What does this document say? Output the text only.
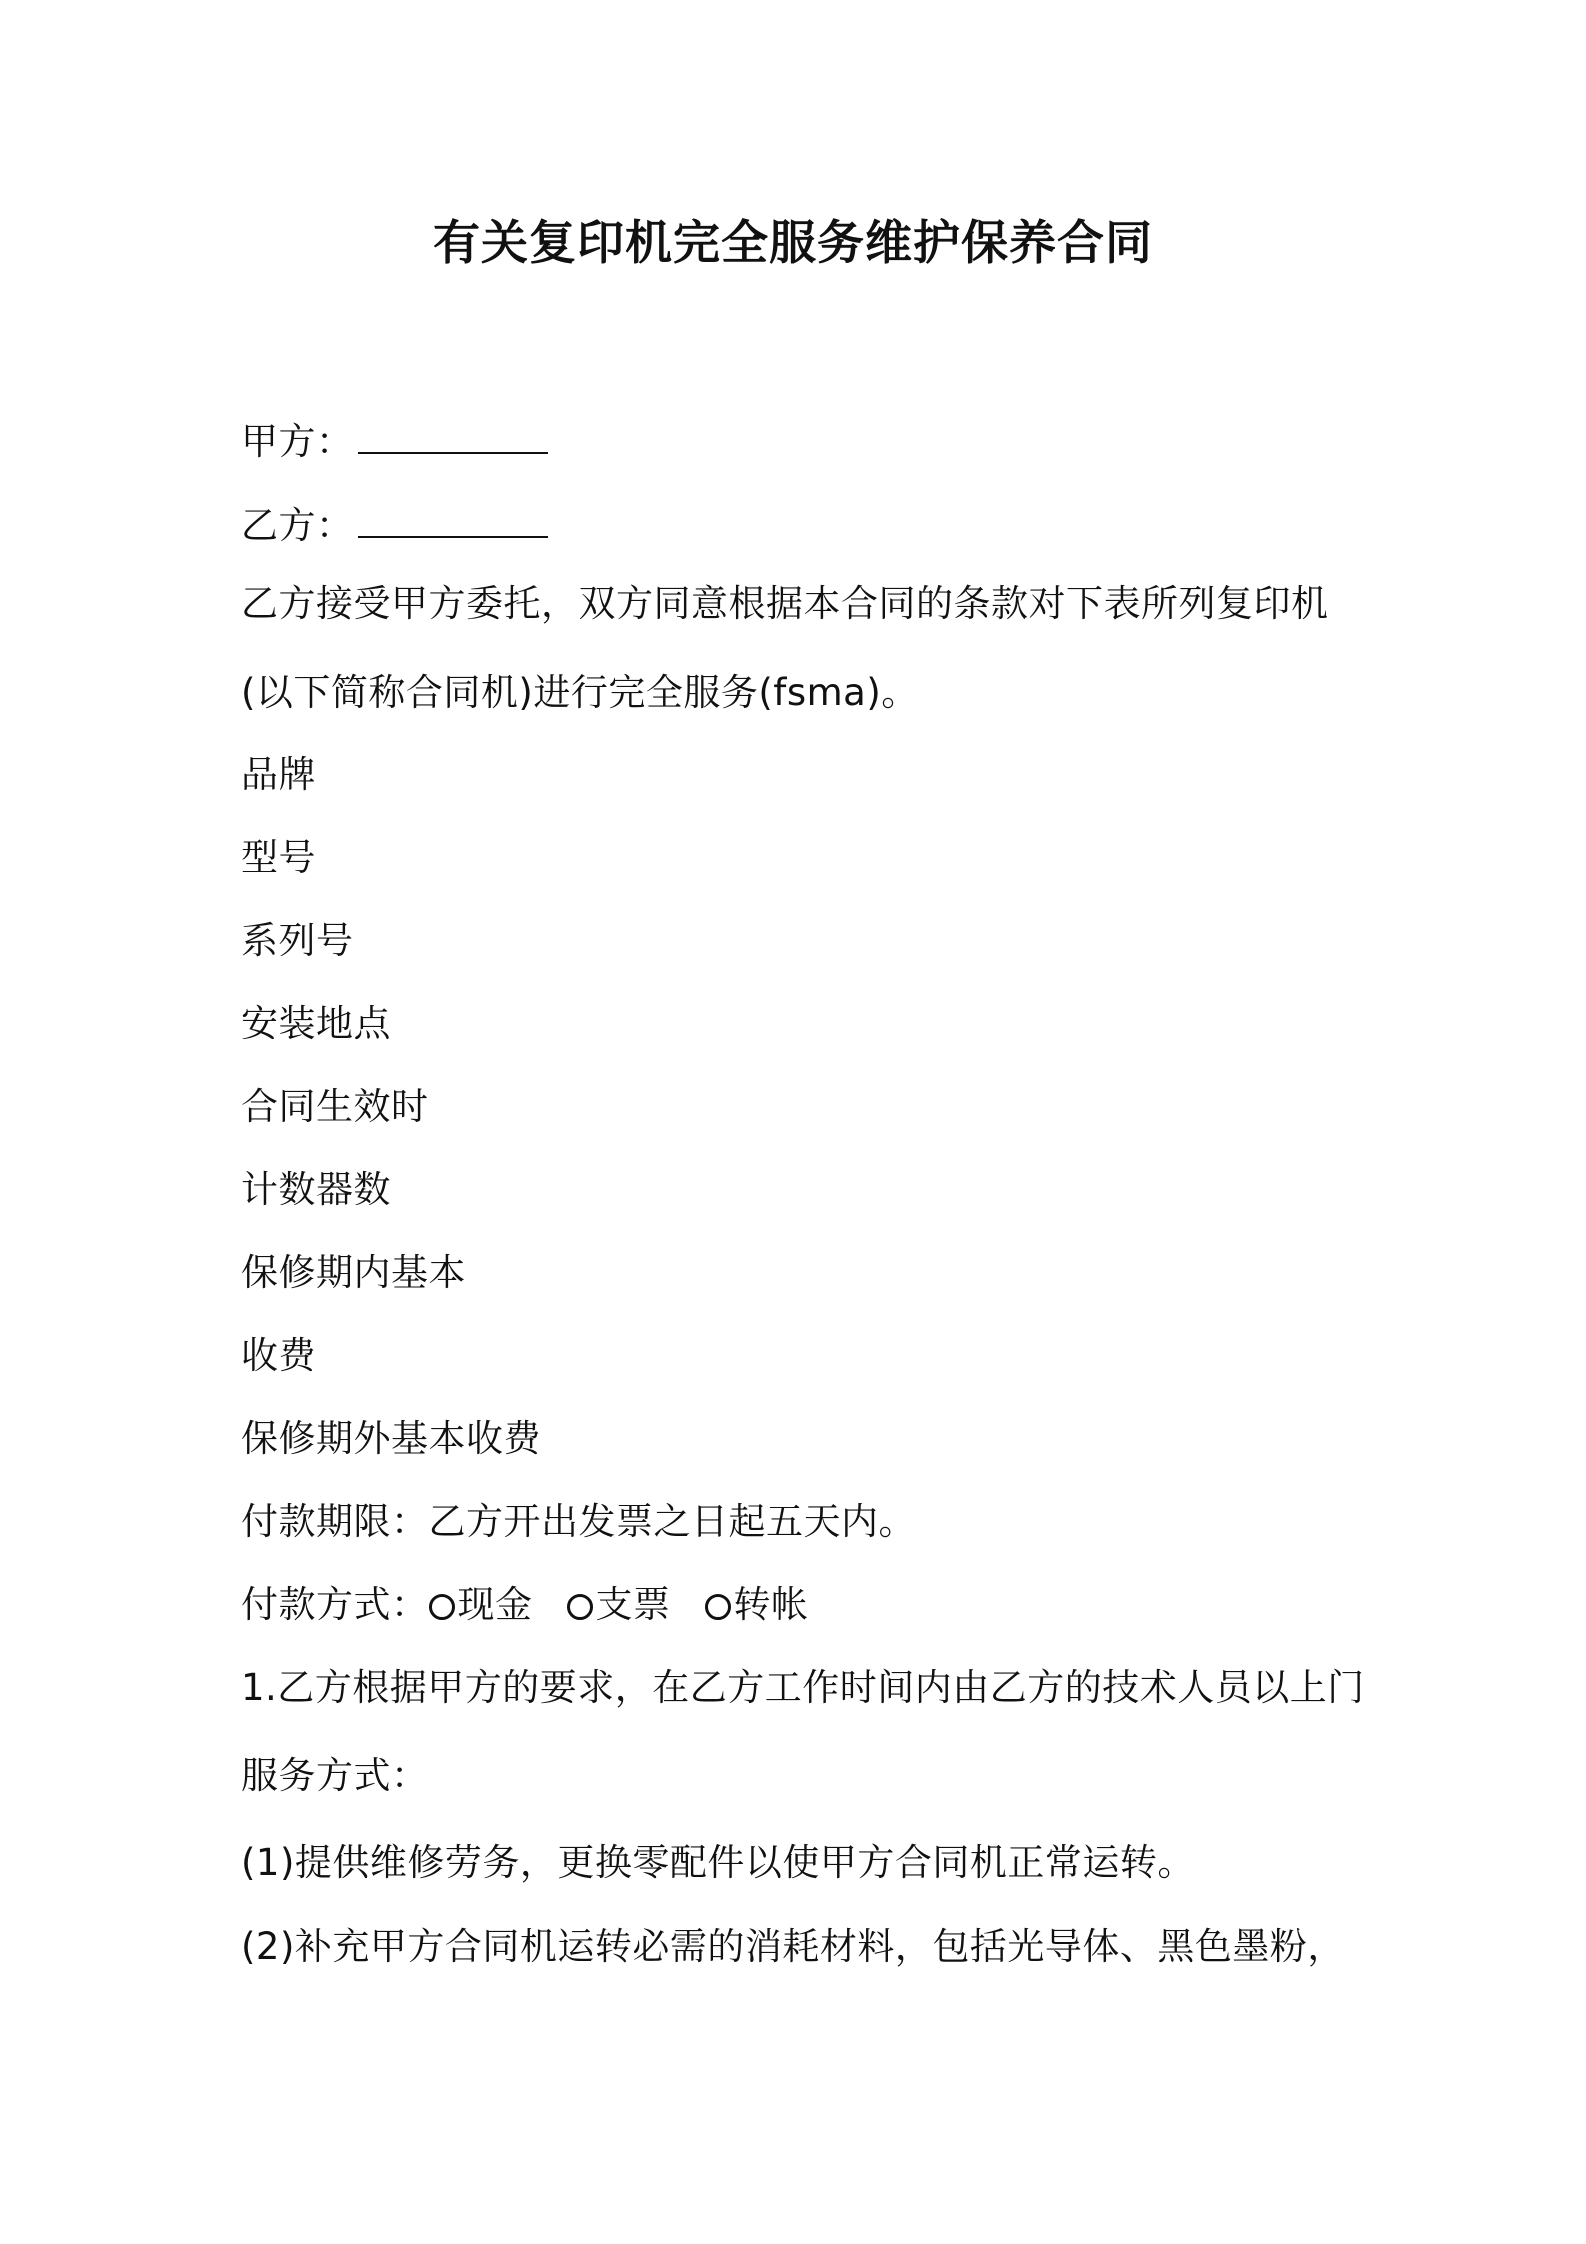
有关复印机完全服务维护保养合同
甲方：
乙方：
乙方接受甲方委托，双方同意根据本合同的条款对下表所列复印机
(以下简称合同机)进行完全服务(fsma)。
品牌
型号
系列号
安装地点
合同生效时
计数器数
保修期内基本
收费
保修期外基本收费
付款期限：乙方开出发票之日起五天内。
付款方式： 现金 支票 转帐
1.乙方根据甲方的要求，在乙方工作时间内由乙方的技术人员以上门
服务方式：
(1)提供维修劳务，更换零配件以使甲方合同机正常运转。
(2)补充甲方合同机运转必需的消耗材料，包括光导体、黑色墨粉，
